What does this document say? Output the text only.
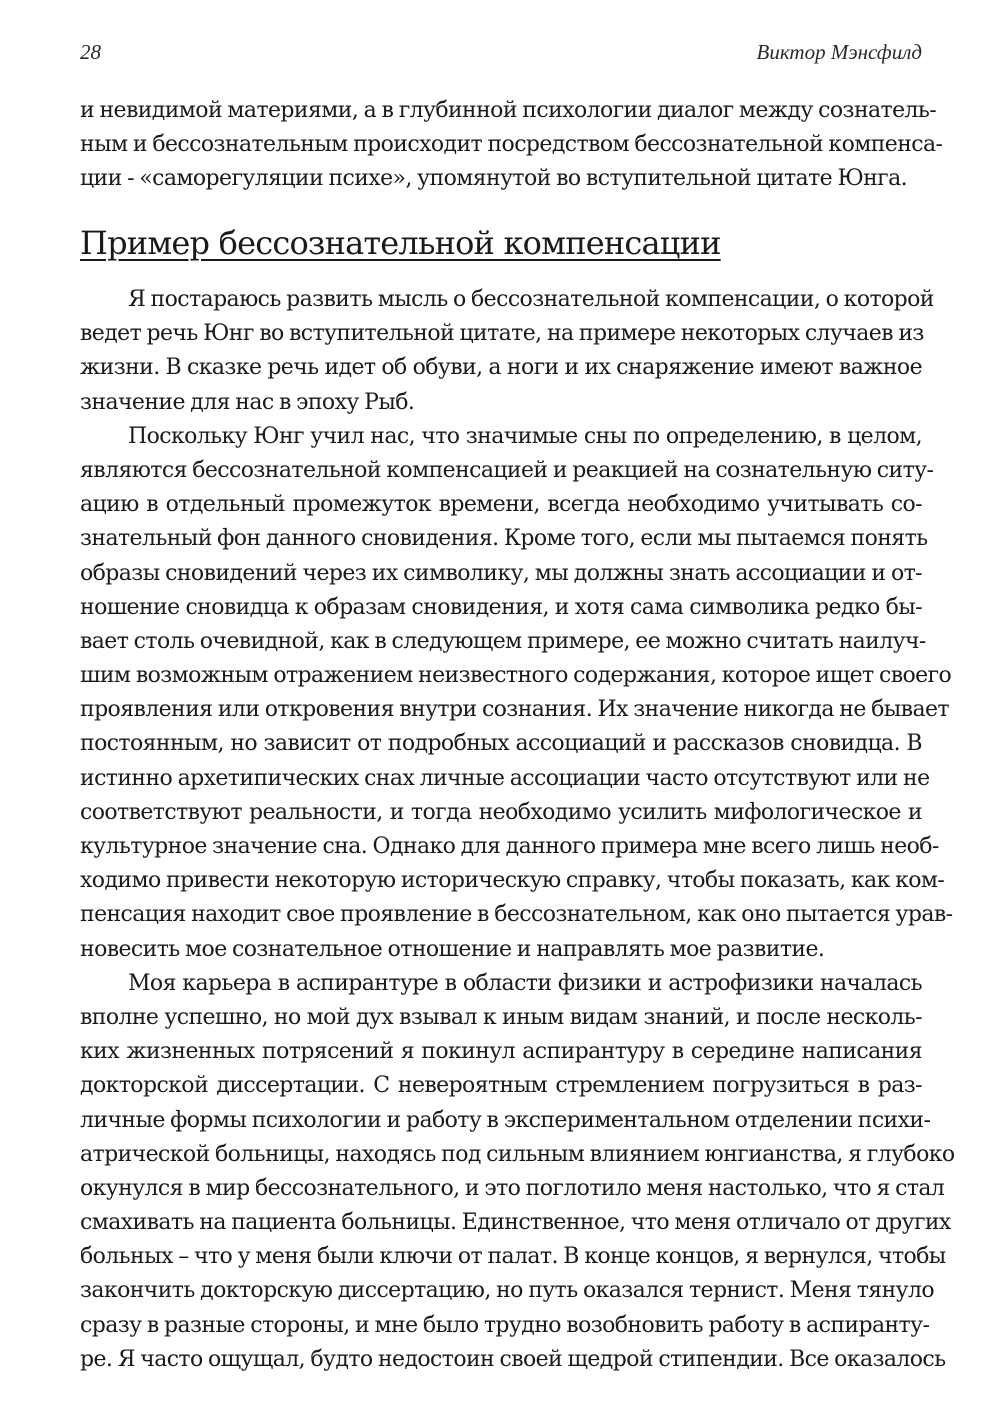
28	Виктор Мэнсфилд
и невидимой материями, а в глубинной психологии диалог между сознатель-
ным и бессознательным происходит посредством бессознательной компенса-
ции - «саморегуляции психе», упомянутой во вступительной цитате Юнга.
Пример бессознательной компенсации
Я постараюсь развить мысль о бессознательной компенсации, о которой
ведет речь Юнг во вступительной цитате, на примере некоторых случаев из
жизни. В сказке речь идет об обуви, а ноги и их снаряжение имеют важное
значение для нас в эпоху Рыб.
Поскольку Юнг учил нас, что значимые сны по определению, в целом,
являются бессознательной компенсацией и реакцией на сознательную ситу-
ацию в отдельный промежуток времени, всегда необходимо учитывать со-
знательный фон данного сновидения. Кроме того, если мы пытаемся понять
образы сновидений через их символику, мы должны знать ассоциации и от-
ношение сновидца к образам сновидения, и хотя сама символика редко бы-
вает столь очевидной, как в следующем примере, ее можно считать наилуч-
шим возможным отражением неизвестного содержания, которое ищет своего
проявления или откровения внутри сознания. Их значение никогда не бывает
постоянным, но зависит от подробных ассоциаций и рассказов сновидца. В
истинно архетипических снах личные ассоциации часто отсутствуют или не
соответствуют реальности, и тогда необходимо усилить мифологическое и
культурное значение сна. Однако для данного примера мне всего лишь необ-
ходимо привести некоторую историческую справку, чтобы показать, как ком-
пенсация находит свое проявление в бессознательном, как оно пытается урав-
новесить мое сознательное отношение и направлять мое развитие.
Моя карьера в аспирантуре в области физики и астрофизики началась
вполне успешно, но мой дух взывал к иным видам знаний, и после несколь-
ких жизненных потрясений я покинул аспирантуру в середине написания
докторской диссертации. С невероятным стремлением погрузиться в раз-
личные формы психологии и работу в экспериментальном отделении психи-
атрической больницы, находясь под сильным влиянием юнгианства, я глубоко
окунулся в мир бессознательного, и это поглотило меня настолько, что я стал
смахивать на пациента больницы. Единственное, что меня отличало от других
больных – что у меня были ключи от палат. В конце концов, я вернулся, чтобы
закончить докторскую диссертацию, но путь оказался тернист. Меня тянуло
сразу в разные стороны, и мне было трудно возобновить работу в аспиранту-
ре. Я часто ощущал, будто недостоин своей щедрой стипендии. Все оказалось
